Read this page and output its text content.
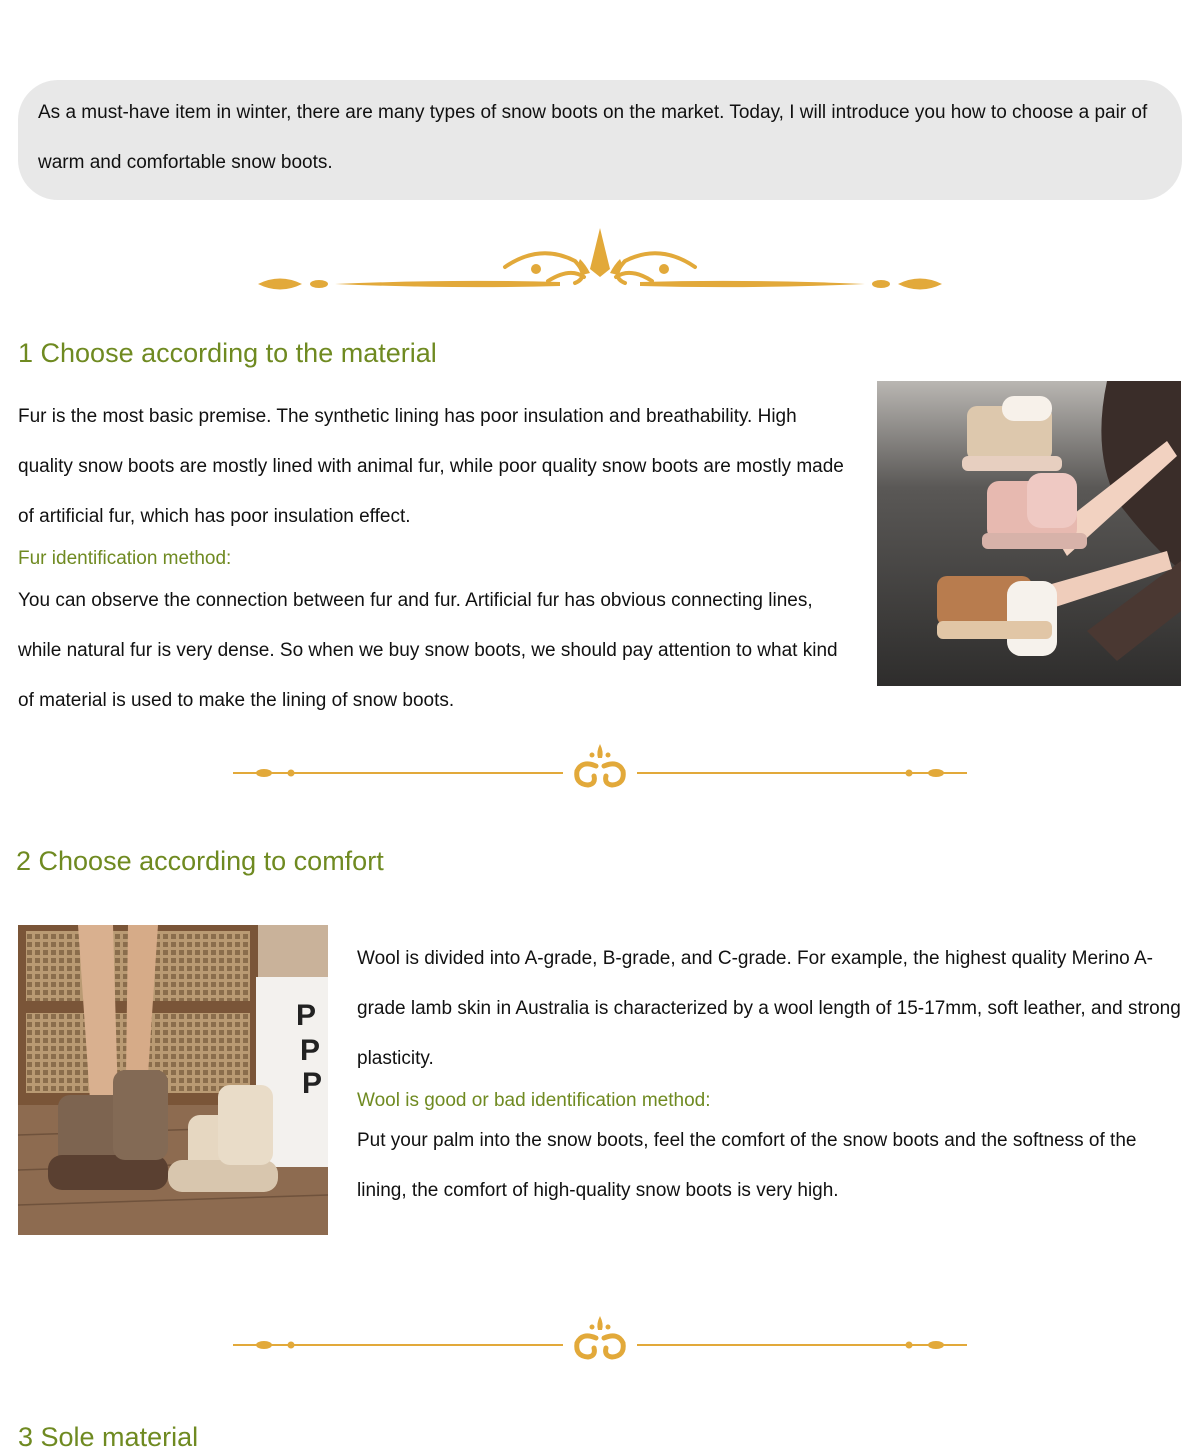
As a must-have item in winter, there are many types of snow boots on the market. Today, I will introduce you how to choose a pair of warm and comfortable snow boots.

1 Choose according to the material

Fur is the most basic premise. The synthetic lining has poor insulation and breathability. High quality snow boots are mostly lined with animal fur, while poor quality snow boots are mostly made of artificial fur, which has poor insulation effect.

Fur identification method:

You can observe the connection between fur and fur. Artificial fur has obvious connecting lines, while natural fur is very dense. So when we buy snow boots, we should pay attention to what kind of material is used to make the lining of snow boots.

2 Choose according to comfort
P
P
P

Wool is divided into A-grade, B-grade, and C-grade. For example, the highest quality Merino A-grade lamb skin in Australia is characterized by a wool length of 15-17mm, soft leather, and strong plasticity.

Wool is good or bad identification method:

Put your palm into the snow boots, feel the comfort of the snow boots and the softness of the lining, the comfort of high-quality snow boots is very high.

3 Sole material
